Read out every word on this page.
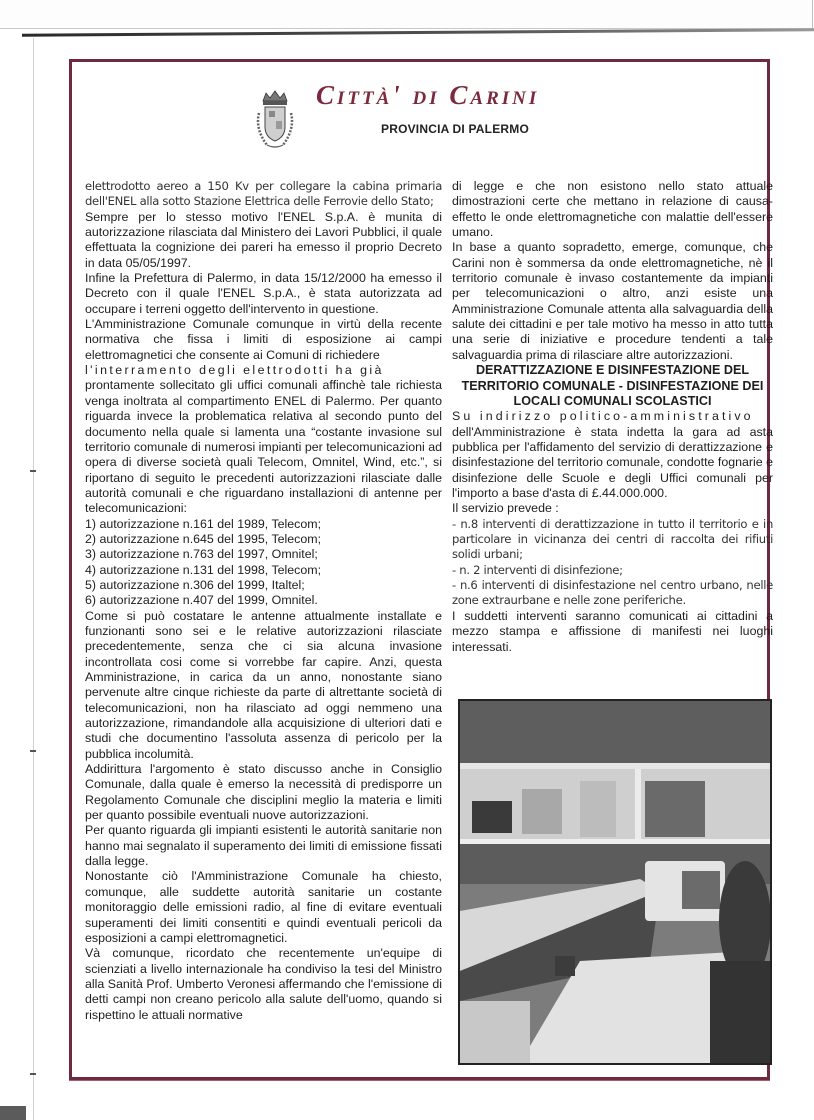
Città' di Carini
PROVINCIA DI PALERMO

elettrodotto aereo a 150 Kv per collegare la cabina primaria dell'ENEL alla sotto Stazione Elettrica delle Ferrovie dello Stato;

Sempre per lo stesso motivo l'ENEL S.p.A. è munita di autorizzazione rilasciata dal Ministero dei Lavori Pubblici, il quale effettuata la cognizione dei pareri ha emesso il proprio Decreto in data 05/05/1997.

Infine la Prefettura di Palermo, in data 15/12/2000 ha emesso il Decreto con il quale l'ENEL S.p.A., è stata autorizzata ad occupare i terreni oggetto dell'intervento in questione.

L'Amministrazione Comunale comunque in virtù della recente normativa che fissa i limiti di esposizione ai campi elettromagnetici che consente ai Comuni di richiedere

l'interramento degli elettrodotti ha già

prontamente sollecitato gli uffici comunali affinchè tale richiesta venga inoltrata al compartimento ENEL di Palermo. Per quanto riguarda invece la problematica relativa al secondo punto del documento nella quale si lamenta una “costante invasione sul territorio comunale di numerosi impianti per telecomunicazioni ad opera di diverse società quali Telecom, Omnitel, Wind, etc.”, si riportano di seguito le precedenti autorizzazioni rilasciate dalle autorità comunali e che riguardano installazioni di antenne per telecomunicazioni:

1) autorizzazione n.161 del 1989, Telecom;

2) autorizzazione n.645 del 1995, Telecom;

3) autorizzazione n.763 del 1997, Omnitel;

4) autorizzazione n.131 del 1998, Telecom;

5) autorizzazione n.306 del 1999, Italtel;

6) autorizzazione n.407 del 1999, Omnitel.

Come si può costatare le antenne attualmente installate e funzionanti sono sei e le relative autorizzazioni rilasciate precedentemente, senza che ci sia alcuna invasione incontrollata cosi come si vorrebbe far capire. Anzi, questa Amministrazione, in carica da un anno, nonostante siano pervenute altre cinque richieste da parte di altrettante società di telecomunicazioni, non ha rilasciato ad oggi nemmeno una autorizzazione, rimandandole alla acquisizione di ulteriori dati e studi che documentino l'assoluta assenza di pericolo per la pubblica incolumità.

Addirittura l'argomento è stato discusso anche in Consiglio Comunale, dalla quale è emerso la necessità di predisporre un Regolamento Comunale che disciplini meglio la materia e limiti per quanto possibile eventuali nuove autorizzazioni.

Per quanto riguarda gli impianti esistenti le autorità sanitarie non hanno mai segnalato il superamento dei limiti di emissione fissati dalla legge.

Nonostante ciò l'Amministrazione Comunale ha chiesto, comunque, alle suddette autorità sanitarie un costante monitoraggio delle emissioni radio, al fine di evitare eventuali superamenti dei limiti consentiti e quindi eventuali pericoli da esposizioni a campi elettromagnetici.

Và comunque, ricordato che recentemente un'equipe di scienziati a livello internazionale ha condiviso la tesi del Ministro alla Sanità Prof. Umberto Veronesi affermando che l'emissione di detti campi non creano pericolo alla salute dell'uomo, quando si rispettino le attuali normative

di legge e che non esistono nello stato attuale dimostrazioni certe che mettano in relazione di causa-effetto le onde elettromagnetiche con malattie dell'essere umano.

In base a quanto sopradetto, emerge, comunque, che Carini non è sommersa da onde elettromagnetiche, nè il territorio comunale è invaso costantemente da impianti per telecomunicazioni o altro, anzi esiste una Amministrazione Comunale attenta alla salvaguardia della salute dei cittadini e per tale motivo ha messo in atto tutta una serie di iniziative e procedure tendenti a tale salvaguardia prima di rilasciare altre autorizzazioni.

DERATTIZZAZIONE E DISINFESTAZIONE DEL TERRITORIO COMUNALE - DISINFESTAZIONE DEI LOCALI COMUNALI SCOLASTICI

Su indirizzo politico-amministrativo

dell'Amministrazione è stata indetta la gara ad asta pubblica per l'affidamento del servizio di derattizzazione e disinfestazione del territorio comunale, condotte fognarie e disinfezione delle Scuole e degli Uffici comunali per l'importo a base d'asta di £.44.000.000.

Il servizio prevede :

- n.8 interventi di derattizzazione in tutto il territorio e in particolare in vicinanza dei centri di raccolta dei rifiuti solidi urbani;

- n. 2 interventi di disinfezione;

- n.6 interventi di disinfestazione nel centro urbano, nelle zone extraurbane e nelle zone periferiche.

I suddetti interventi saranno comunicati ai cittadini a mezzo stampa e affissione di manifesti nei luoghi interessati.
